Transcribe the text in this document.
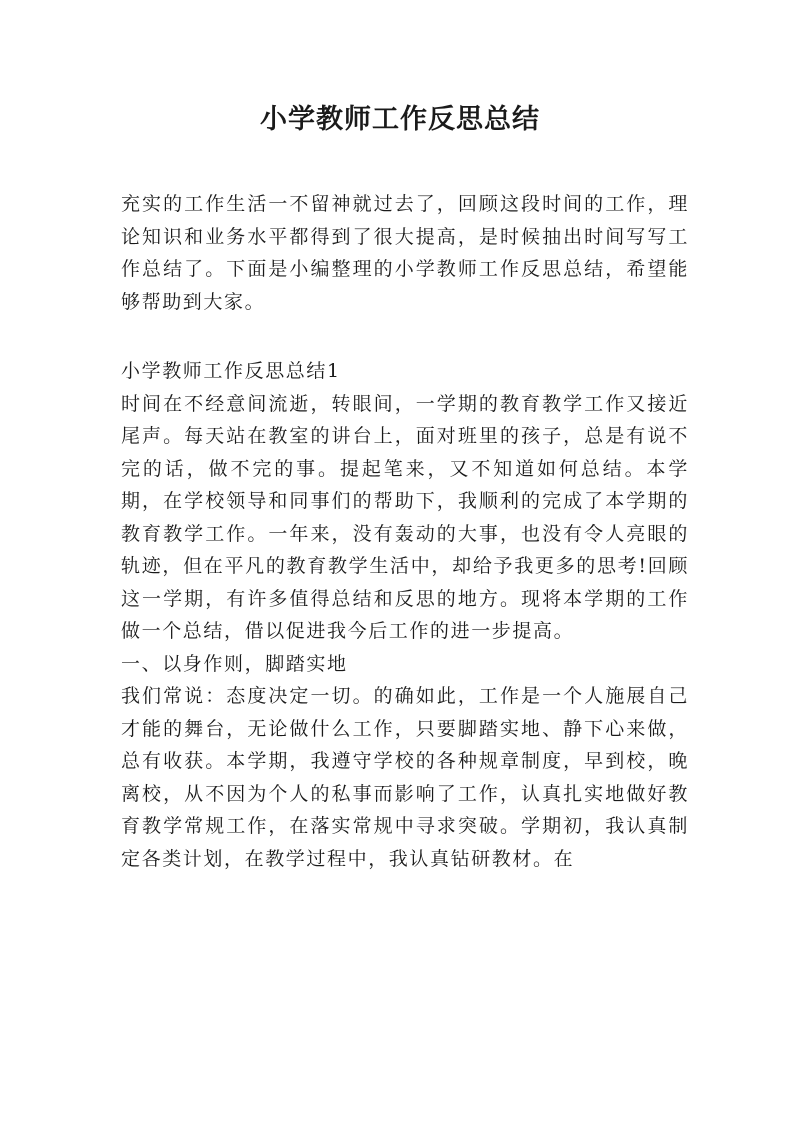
小学教师工作反思总结

充实的工作生活一不留神就过去了，回顾这段时间的工作，理论知识和业务水平都得到了很大提高，是时候抽出时间写写工作总结了。下面是小编整理的小学教师工作反思总结，希望能够帮助到大家。

小学教师工作反思总结1

时间在不经意间流逝，转眼间，一学期的教育教学工作又接近尾声。每天站在教室的讲台上，面对班里的孩子，总是有说不完的话，做不完的事。提起笔来，又不知道如何总结。本学期，在学校领导和同事们的帮助下，我顺利的完成了本学期的教育教学工作。一年来，没有轰动的大事，也没有令人亮眼的轨迹，但在平凡的教育教学生活中，却给予我更多的思考!回顾这一学期，有许多值得总结和反思的地方。现将本学期的工作做一个总结，借以促进我今后工作的进一步提高。

一、以身作则，脚踏实地

我们常说：态度决定一切。的确如此，工作是一个人施展自己才能的舞台，无论做什么工作，只要脚踏实地、静下心来做，总有收获。本学期，我遵守学校的各种规章制度，早到校，晚离校，从不因为个人的私事而影响了工作，认真扎实地做好教育教学常规工作，在落实常规中寻求突破。学期初，我认真制定各类计划，在教学过程中，我认真钻研教材。在
